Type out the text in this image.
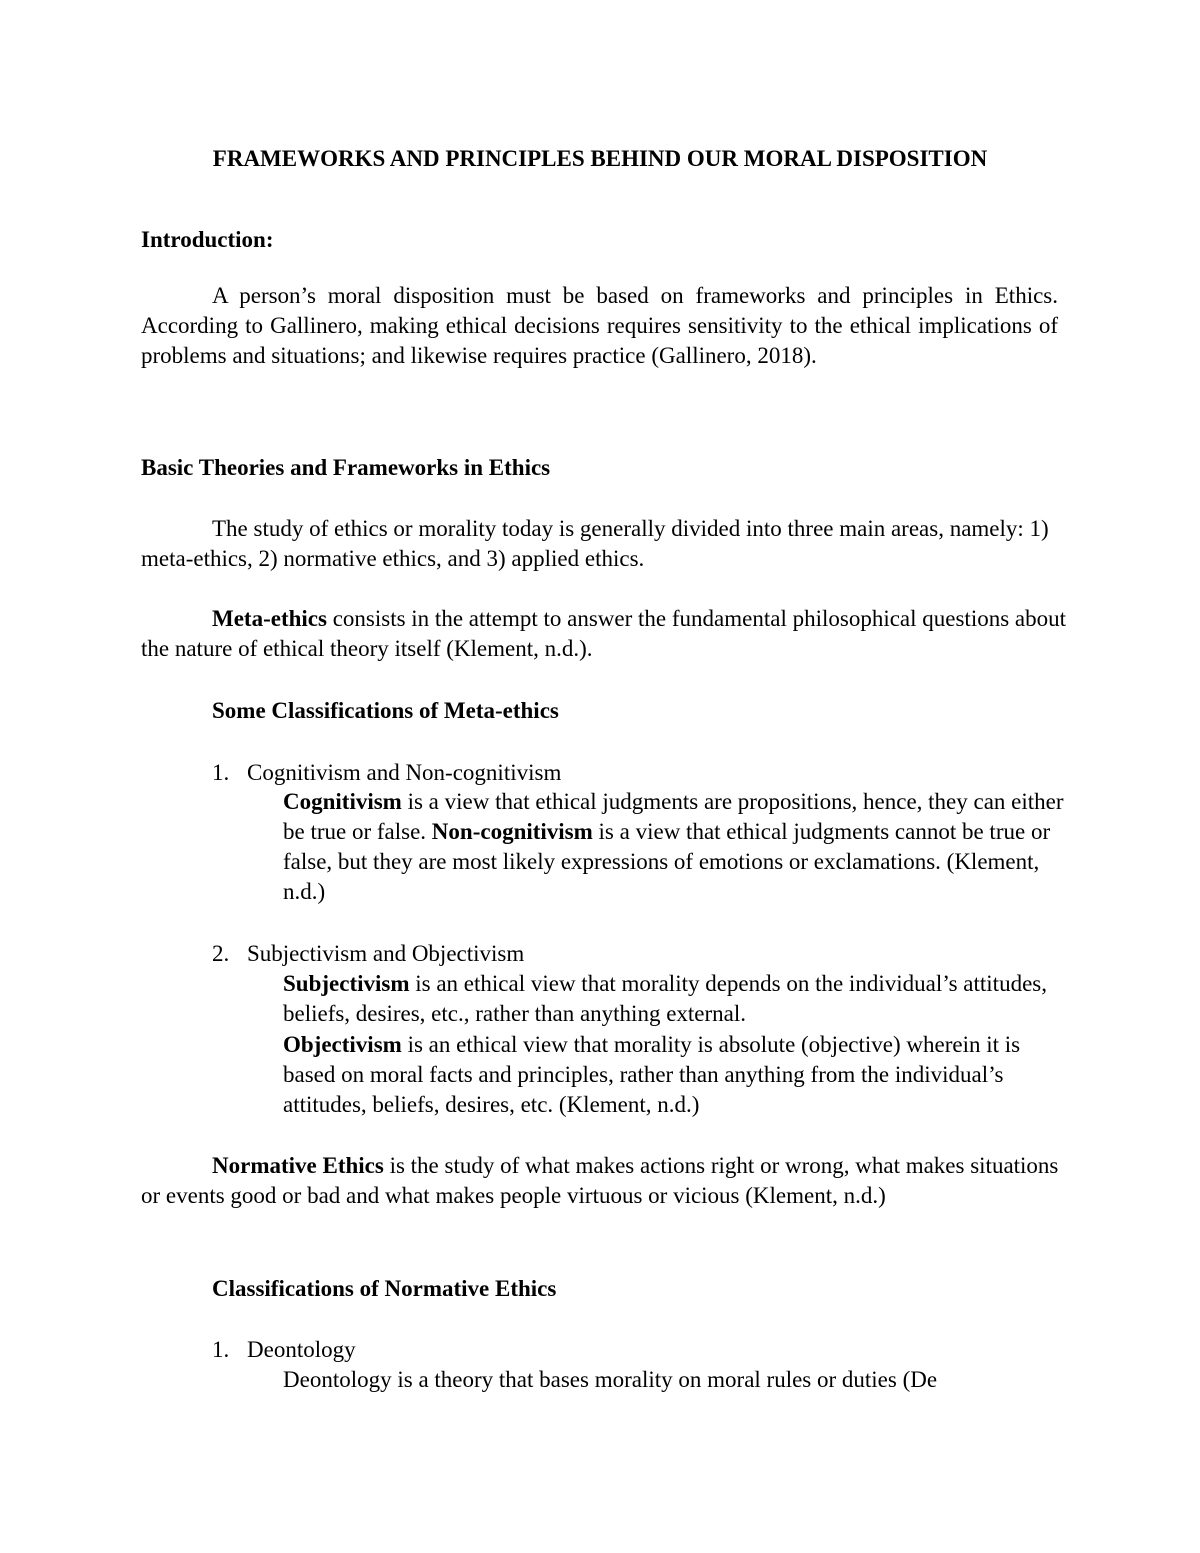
FRAMEWORKS AND PRINCIPLES BEHIND OUR MORAL DISPOSITION
Introduction:
A person’s moral disposition must be based on frameworks and principles in Ethics. According to Gallinero, making ethical decisions requires sensitivity to the ethical implications of problems and situations; and likewise requires practice (Gallinero, 2018).
Basic Theories and Frameworks in Ethics
The study of ethics or morality today is generally divided into three main areas, namely: 1) meta-ethics, 2) normative ethics, and 3) applied ethics.
Meta-ethics consists in the attempt to answer the fundamental philosophical questions about the nature of ethical theory itself (Klement, n.d.).
Some Classifications of Meta-ethics
1. Cognitivism and Non-cognitivism
Cognitivism is a view that ethical judgments are propositions, hence, they can either be true or false. Non-cognitivism is a view that ethical judgments cannot be true or false, but they are most likely expressions of emotions or exclamations. (Klement, n.d.)
2. Subjectivism and Objectivism
Subjectivism is an ethical view that morality depends on the individual’s attitudes, beliefs, desires, etc., rather than anything external.
Objectivism is an ethical view that morality is absolute (objective) wherein it is based on moral facts and principles, rather than anything from the individual’s attitudes, beliefs, desires, etc. (Klement, n.d.)
Normative Ethics is the study of what makes actions right or wrong, what makes situations or events good or bad and what makes people virtuous or vicious (Klement, n.d.)
Classifications of Normative Ethics
1. Deontology
Deontology is a theory that bases morality on moral rules or duties (De
